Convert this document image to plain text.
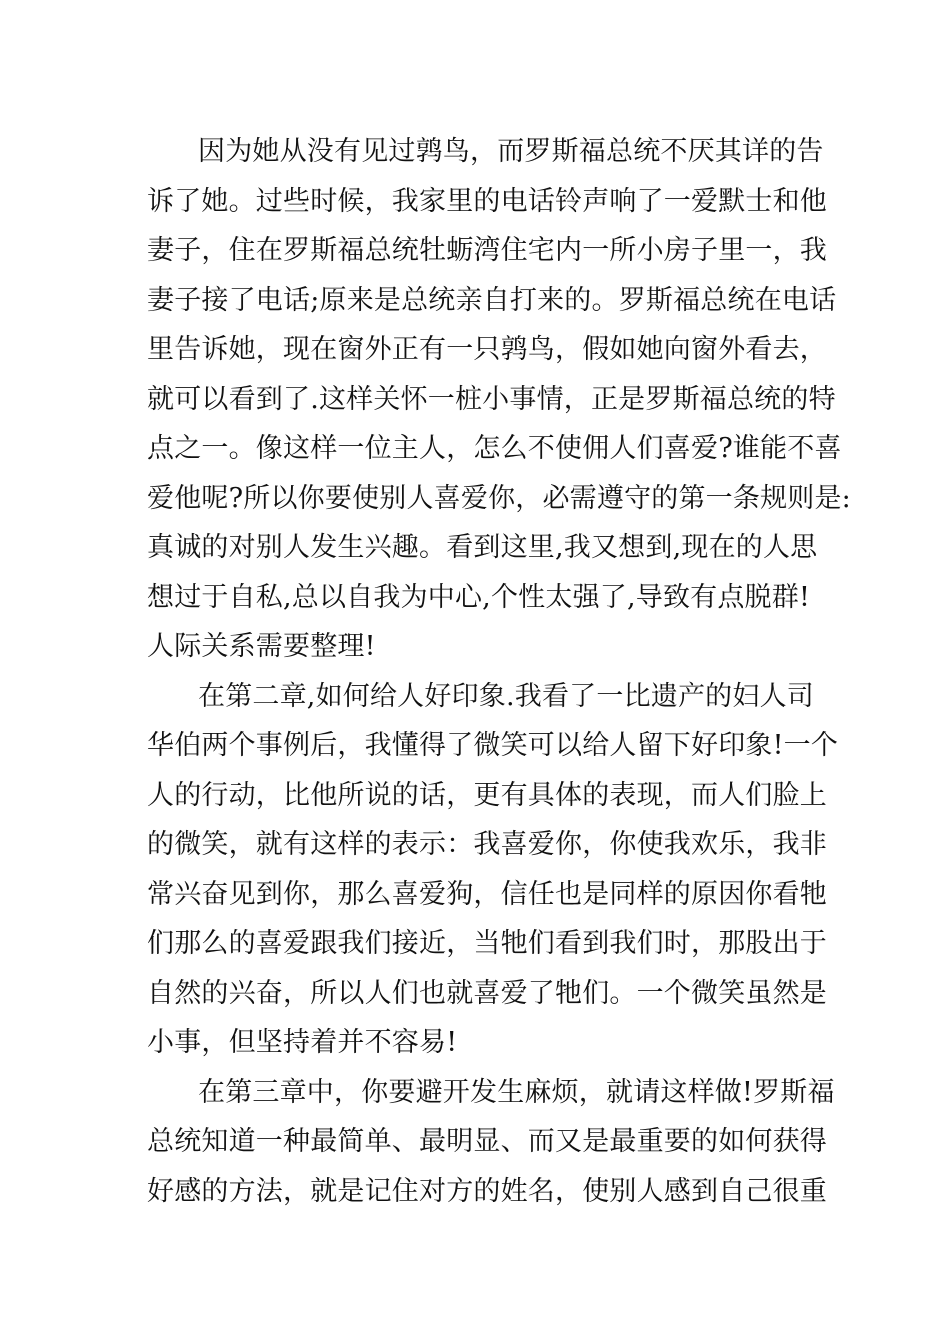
因为她从没有见过鹑鸟，而罗斯福总统不厌其详的告
诉了她。过些时候，我家里的电话铃声响了一爱默士和他
妻子，住在罗斯福总统牡蛎湾住宅内一所小房子里一，我
妻子接了电话;原来是总统亲自打来的。罗斯福总统在电话
里告诉她，现在窗外正有一只鹑鸟，假如她向窗外看去，
就可以看到了.这样关怀一桩小事情，正是罗斯福总统的特
点之一。像这样一位主人，怎么不使佣人们喜爱?谁能不喜
爱他呢?所以你要使别人喜爱你，必需遵守的第一条规则是:
真诚的对别人发生兴趣。看到这里,我又想到,现在的人思
想过于自私,总以自我为中心,个性太强了,导致有点脱群!
人际关系需要整理!
在第二章,如何给人好印象.我看了一比遗产的妇人司
华伯两个事例后，我懂得了微笑可以给人留下好印象!一个
人的行动，比他所说的话，更有具体的表现，而人们脸上
的微笑，就有这样的表示：我喜爱你，你使我欢乐，我非
常兴奋见到你，那么喜爱狗，信任也是同样的原因你看牠
们那么的喜爱跟我们接近，当牠们看到我们时，那股出于
自然的兴奋，所以人们也就喜爱了牠们。一个微笑虽然是
小事，但坚持着并不容易!
在第三章中，你要避开发生麻烦，就请这样做!罗斯福
总统知道一种最简单、最明显、而又是最重要的如何获得
好感的方法，就是记住对方的姓名，使别人感到自己很重
